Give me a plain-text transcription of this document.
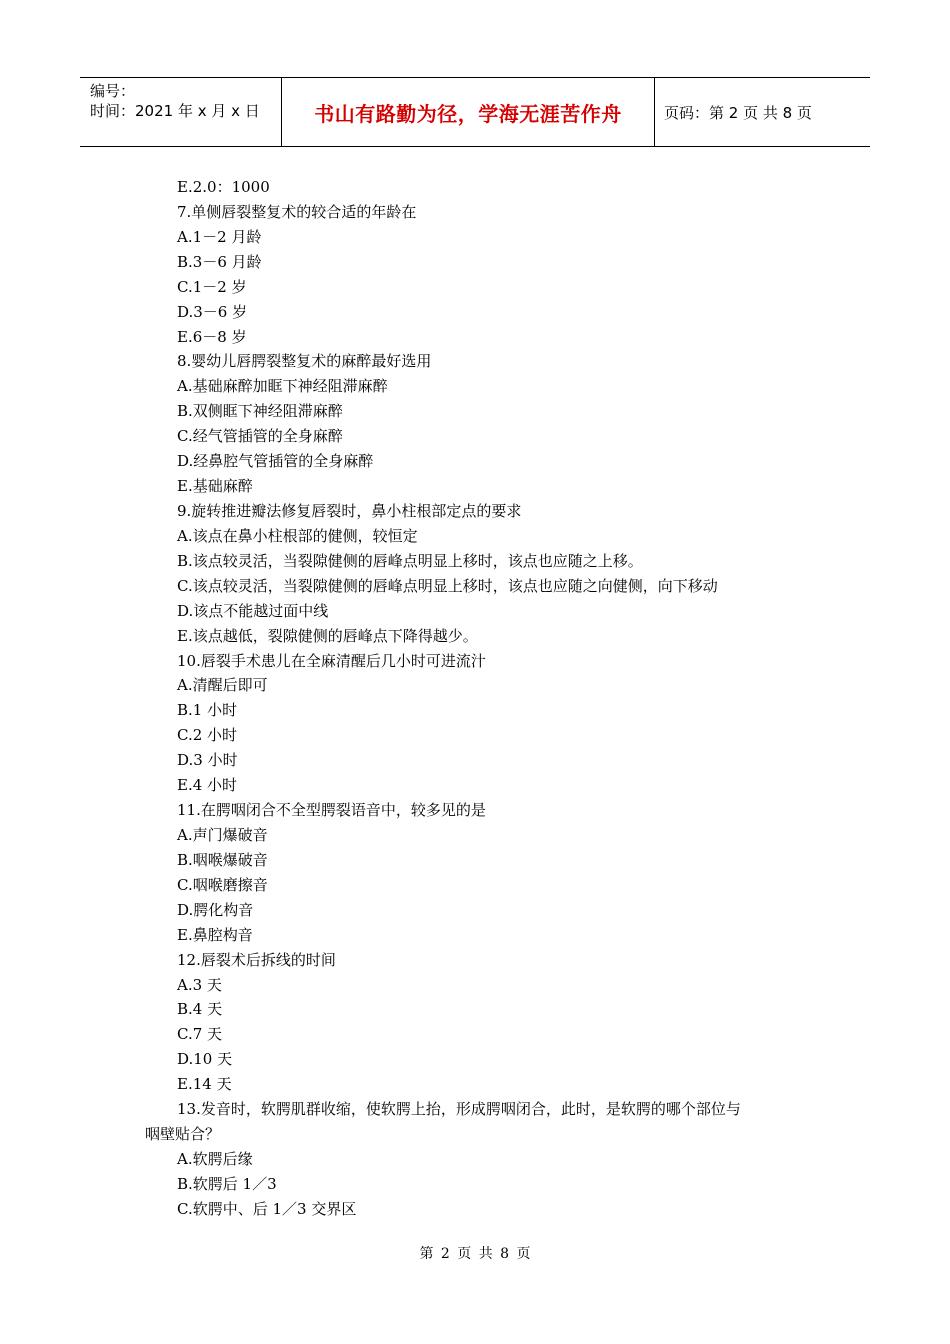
编号：
时间：2021 年 x 月 x 日	书山有路勤为径，学海无涯苦作舟	页码：第 2 页 共 8 页
E.2.0：1000
7.单侧唇裂整复术的较合适的年龄在
A.1－2 月龄
B.3－6 月龄
C.1－2 岁
D.3－6 岁
E.6－8 岁
8.婴幼儿唇腭裂整复术的麻醉最好选用
A.基础麻醉加眶下神经阻滞麻醉
B.双侧眶下神经阻滞麻醉
C.经气管插管的全身麻醉
D.经鼻腔气管插管的全身麻醉
E.基础麻醉
9.旋转推进瓣法修复唇裂时，鼻小柱根部定点的要求
A.该点在鼻小柱根部的健侧，较恒定
B.该点较灵活，当裂隙健侧的唇峰点明显上移时，该点也应随之上移。
C.该点较灵活，当裂隙健侧的唇峰点明显上移时，该点也应随之向健侧，向下移动
D.该点不能越过面中线
E.该点越低，裂隙健侧的唇峰点下降得越少。
10.唇裂手术患儿在全麻清醒后几小时可进流汁
A.清醒后即可
B.1 小时
C.2 小时
D.3 小时
E.4 小时
11.在腭咽闭合不全型腭裂语音中，较多见的是
A.声门爆破音
B.咽喉爆破音
C.咽喉磨擦音
D.腭化构音
E.鼻腔构音
12.唇裂术后拆线的时间
A.3 天
B.4 天
C.7 天
D.10 天
E.14 天
13.发音时，软腭肌群收缩，使软腭上抬，形成腭咽闭合，此时，是软腭的哪个部位与
咽壁贴合？
A.软腭后缘
B.软腭后 1／3
C.软腭中、后 1／3 交界区
第 2 页 共 8 页
